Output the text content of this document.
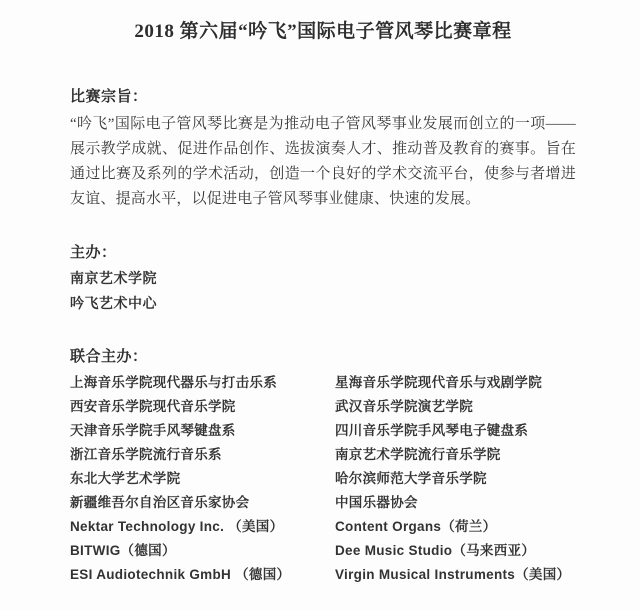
2018 第六届“吟飞”国际电子管风琴比赛章程
比赛宗旨：

“吟飞”国际电子管风琴比赛是为推动电子管风琴事业发展而创立的一项——展示教学成就、促进作品创作、选拔演奏人才、推动普及教育的赛事。旨在通过比赛及系列的学术活动，创造一个良好的学术交流平台，使参与者增进友谊、提高水平，以促进电子管风琴事业健康、快速的发展。

主办：
南京艺术学院
吟飞艺术中心
联合主办：
上海音乐学院现代器乐与打击乐系	星海音乐学院现代音乐与戏剧学院
西安音乐学院现代音乐学院	武汉音乐学院演艺学院
天津音乐学院手风琴键盘系	四川音乐学院手风琴电子键盘系
浙江音乐学院流行音乐系	南京艺术学院流行音乐学院
东北大学艺术学院	哈尔滨师范大学音乐学院
新疆维吾尔自治区音乐家协会	中国乐器协会
Nektar Technology Inc. （美国）	Content Organs（荷兰）
BITWIG（德国）	Dee Music Studio（马来西亚）
ESI Audiotechnik GmbH （德国）	Virgin Musical Instruments（美国）
